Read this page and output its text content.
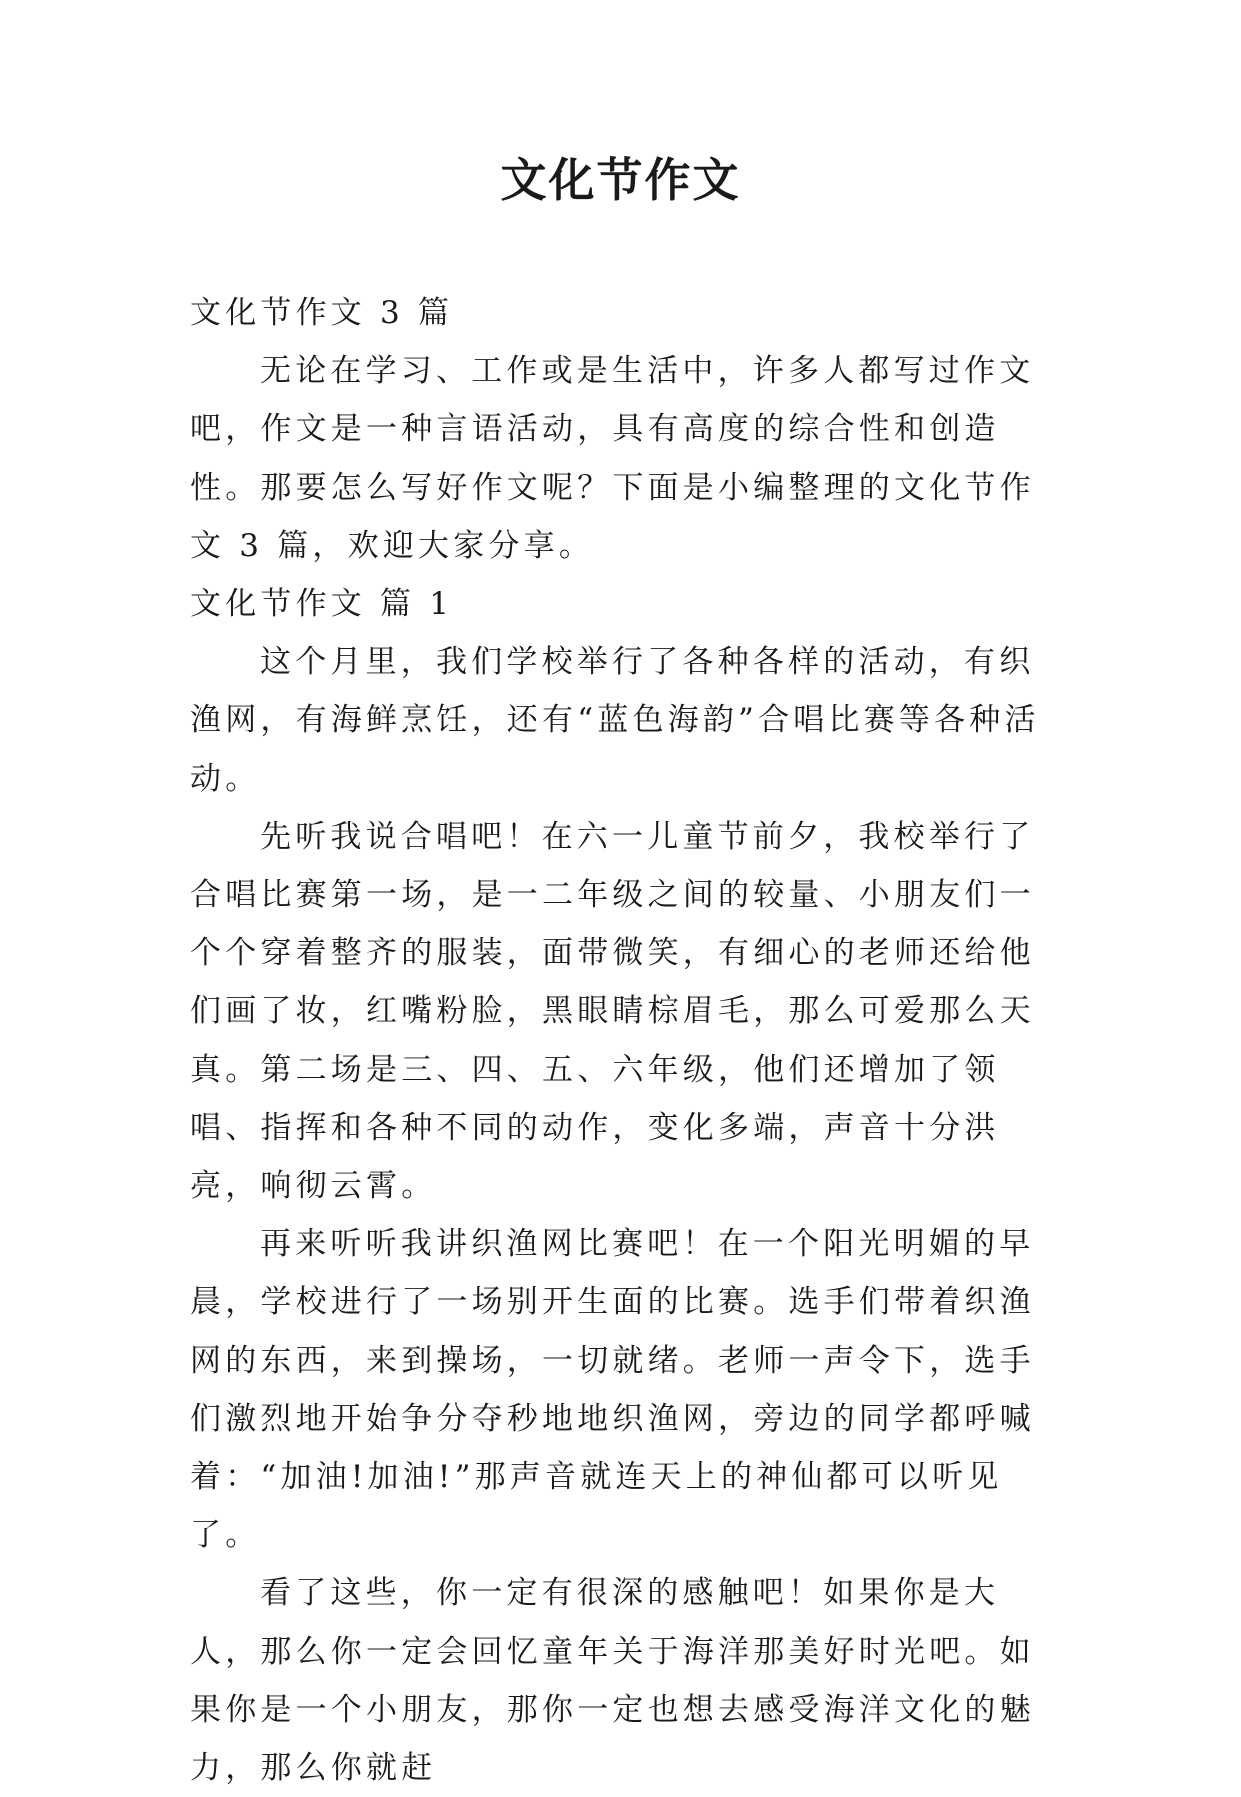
文化节作文

文化节作文 3 篇

无论在学习、工作或是生活中，许多人都写过作文吧，作文是一种言语活动，具有高度的综合性和创造性。那要怎么写好作文呢？下面是小编整理的文化节作文 3 篇，欢迎大家分享。

文化节作文 篇 1

这个月里，我们学校举行了各种各样的活动，有织渔网，有海鲜烹饪，还有“蓝色海韵”合唱比赛等各种活动。

先听我说合唱吧！在六一儿童节前夕，我校举行了合唱比赛第一场，是一二年级之间的较量、小朋友们一个个穿着整齐的服装，面带微笑，有细心的老师还给他们画了妆，红嘴粉脸，黑眼睛棕眉毛，那么可爱那么天真。第二场是三、四、五、六年级，他们还增加了领唱、指挥和各种不同的动作，变化多端，声音十分洪亮，响彻云霄。

再来听听我讲织渔网比赛吧！在一个阳光明媚的早晨，学校进行了一场别开生面的比赛。选手们带着织渔网的东西，来到操场，一切就绪。老师一声令下，选手们激烈地开始争分夺秒地地织渔网，旁边的同学都呼喊着：“加油!加油!”那声音就连天上的神仙都可以听见了。

看了这些，你一定有很深的感触吧！如果你是大人，那么你一定会回忆童年关于海洋那美好时光吧。如果你是一个小朋友，那你一定也想去感受海洋文化的魅力，那么你就赶
